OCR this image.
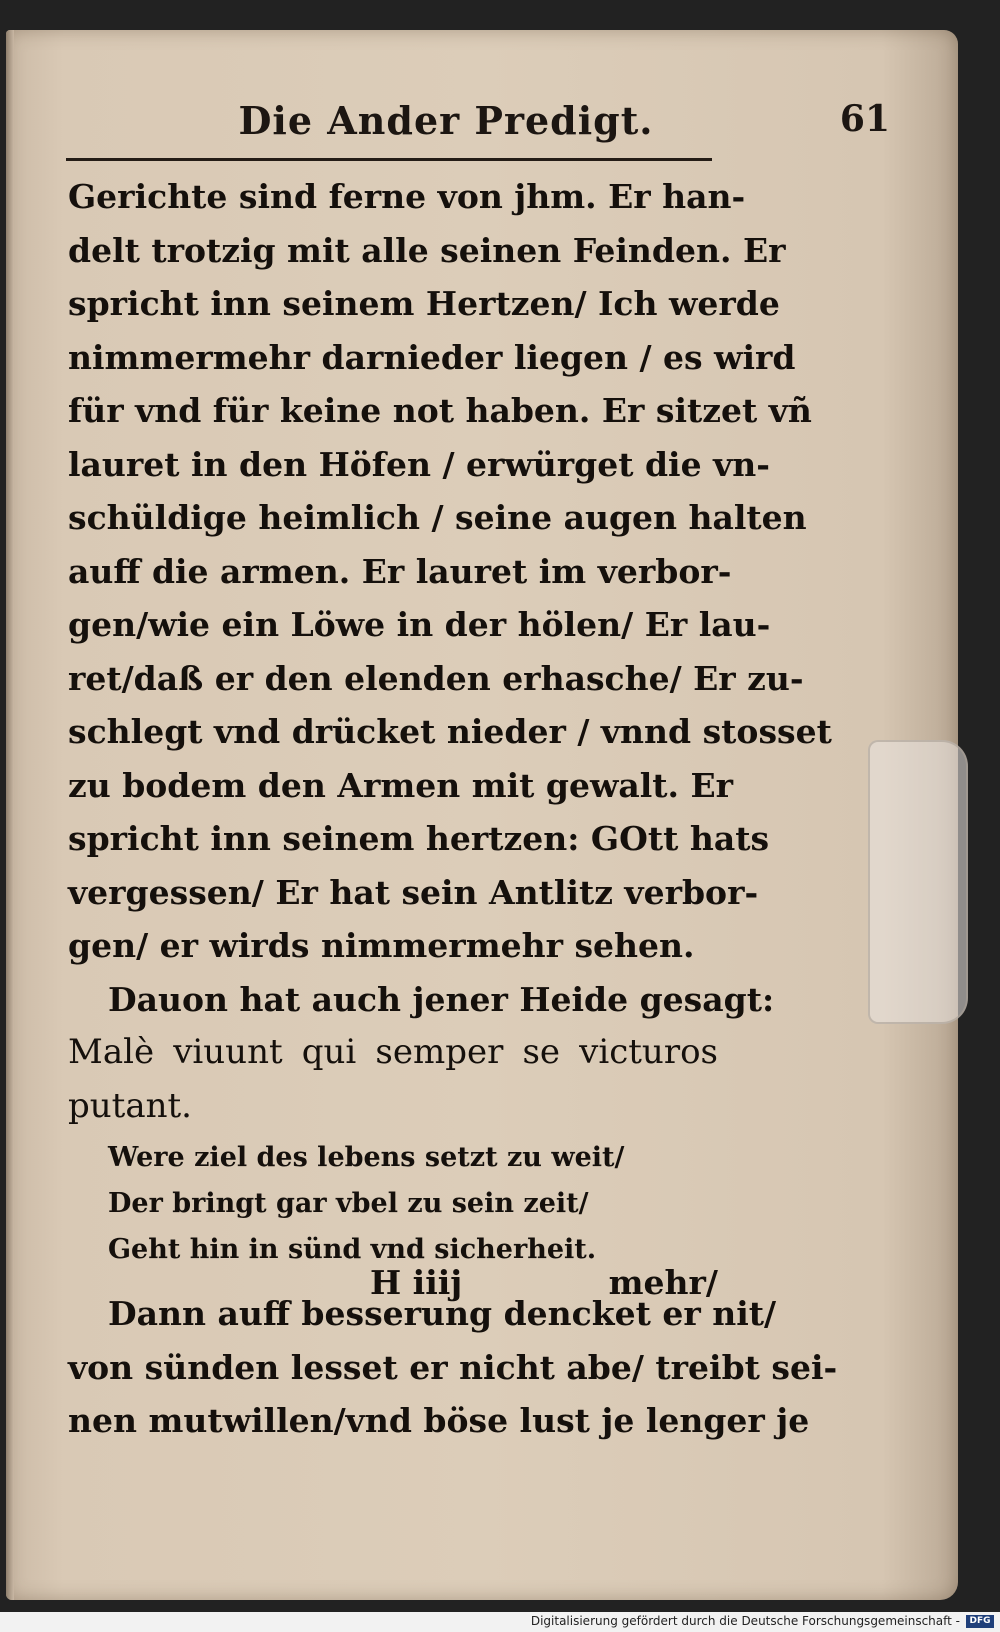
Die Ander Predigt.	61
Gerichte sind ferne von jhm. Er han-
delt trotzig mit alle seinen Feinden. Er
spricht inn seinem Hertzen/ Ich werde
nimmermehr darnieder liegen / es wird
für vnd für keine not haben. Er sitzet vñ
lauret in den Höfen / erwürget die vn-
schüldige heimlich / seine augen halten
auff die armen. Er lauret im verbor-
gen/wie ein Löwe in der hölen/ Er lau-
ret/daß er den elenden erhasche/ Er zu-
schlegt vnd drücket nieder / vnnd stosset
zu bodem den Armen mit gewalt. Er
spricht inn seinem hertzen: GOtt hats
vergessen/ Er hat sein Antlitz verbor-
gen/ er wirds nimmermehr sehen.
Dauon hat auch jener Heide gesagt:
Malè viuunt qui semper se victuros
putant.
Were ziel des lebens setzt zu weit/
Der bringt gar vbel zu sein zeit/
Geht hin in sünd vnd sicherheit.
Dann auff besserung dencket er nit/
von sünden lesset er nicht abe/ treibt sei-
nen mutwillen/vnd böse lust je lenger je
H iiij	mehr/
Digitalisierung gefördert durch die Deutsche Forschungsgemeinschaft -	DFG
